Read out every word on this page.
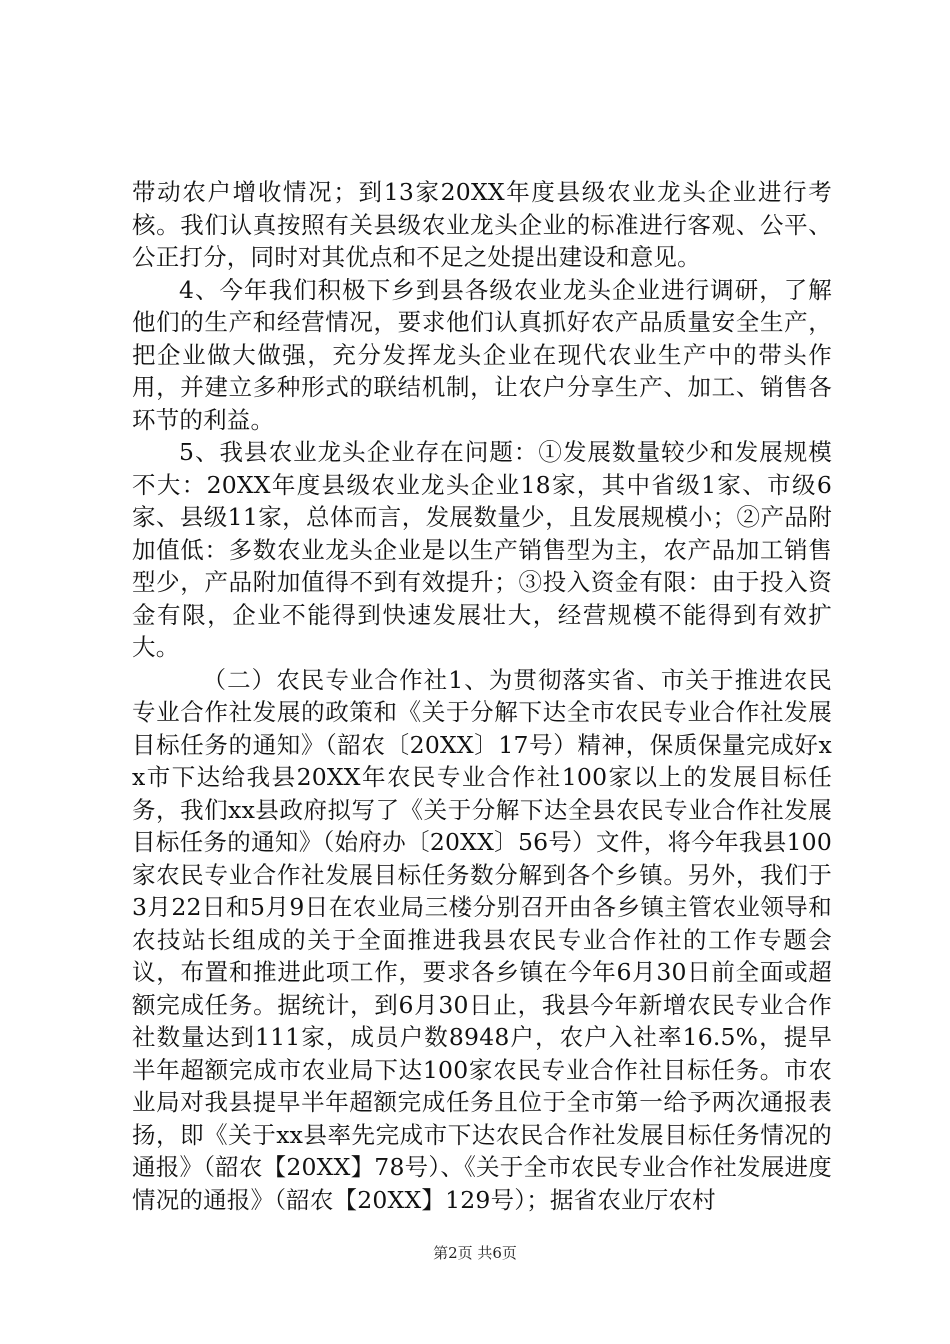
带动农户增收情况；到13家20XX年度县级农业龙头企业进行考核。我们认真按照有关县级农业龙头企业的标准进行客观、公平、公正打分，同时对其优点和不足之处提出建设和意见。

4、今年我们积极下乡到县各级农业龙头企业进行调研，了解他们的生产和经营情况，要求他们认真抓好农产品质量安全生产，把企业做大做强，充分发挥龙头企业在现代农业生产中的带头作用，并建立多种形式的联结机制，让农户分享生产、加工、销售各环节的利益。

5、我县农业龙头企业存在问题：①发展数量较少和发展规模不大：20XX年度县级农业龙头企业18家，其中省级1家、市级6家、县级11家，总体而言，发展数量少，且发展规模小；②产品附加值低：多数农业龙头企业是以生产销售型为主，农产品加工销售型少，产品附加值得不到有效提升；③投入资金有限：由于投入资金有限，企业不能得到快速发展壮大，经营规模不能得到有效扩大。

（二）农民专业合作社1、为贯彻落实省、市关于推进农民专业合作社发展的政策和《关于分解下达全市农民专业合作社发展目标任务的通知》（韶农〔20XX〕17号）精神，保质保量完成好xx市下达给我县20XX年农民专业合作社100家以上的发展目标任务，我们xx县政府拟写了《关于分解下达全县农民专业合作社发展目标任务的通知》（始府办〔20XX〕56号）文件，将今年我县100家农民专业合作社发展目标任务数分解到各个乡镇。另外，我们于3月22日和5月9日在农业局三楼分别召开由各乡镇主管农业领导和农技站长组成的关于全面推进我县农民专业合作社的工作专题会议，布置和推进此项工作，要求各乡镇在今年6月30日前全面或超额完成任务。据统计，到6月30日止，我县今年新增农民专业合作社数量达到111家，成员户数8948户，农户入社率16.5%，提早半年超额完成市农业局下达100家农民专业合作社目标任务。市农业局对我县提早半年超额完成任务且位于全市第一给予两次通报表扬，即《关于xx县率先完成市下达农民合作社发展目标任务情况的通报》（韶农【20XX】78号）、《关于全市农民专业合作社发展进度情况的通报》（韶农【20XX】129号）；据省农业厅农村

第2页 共6页
